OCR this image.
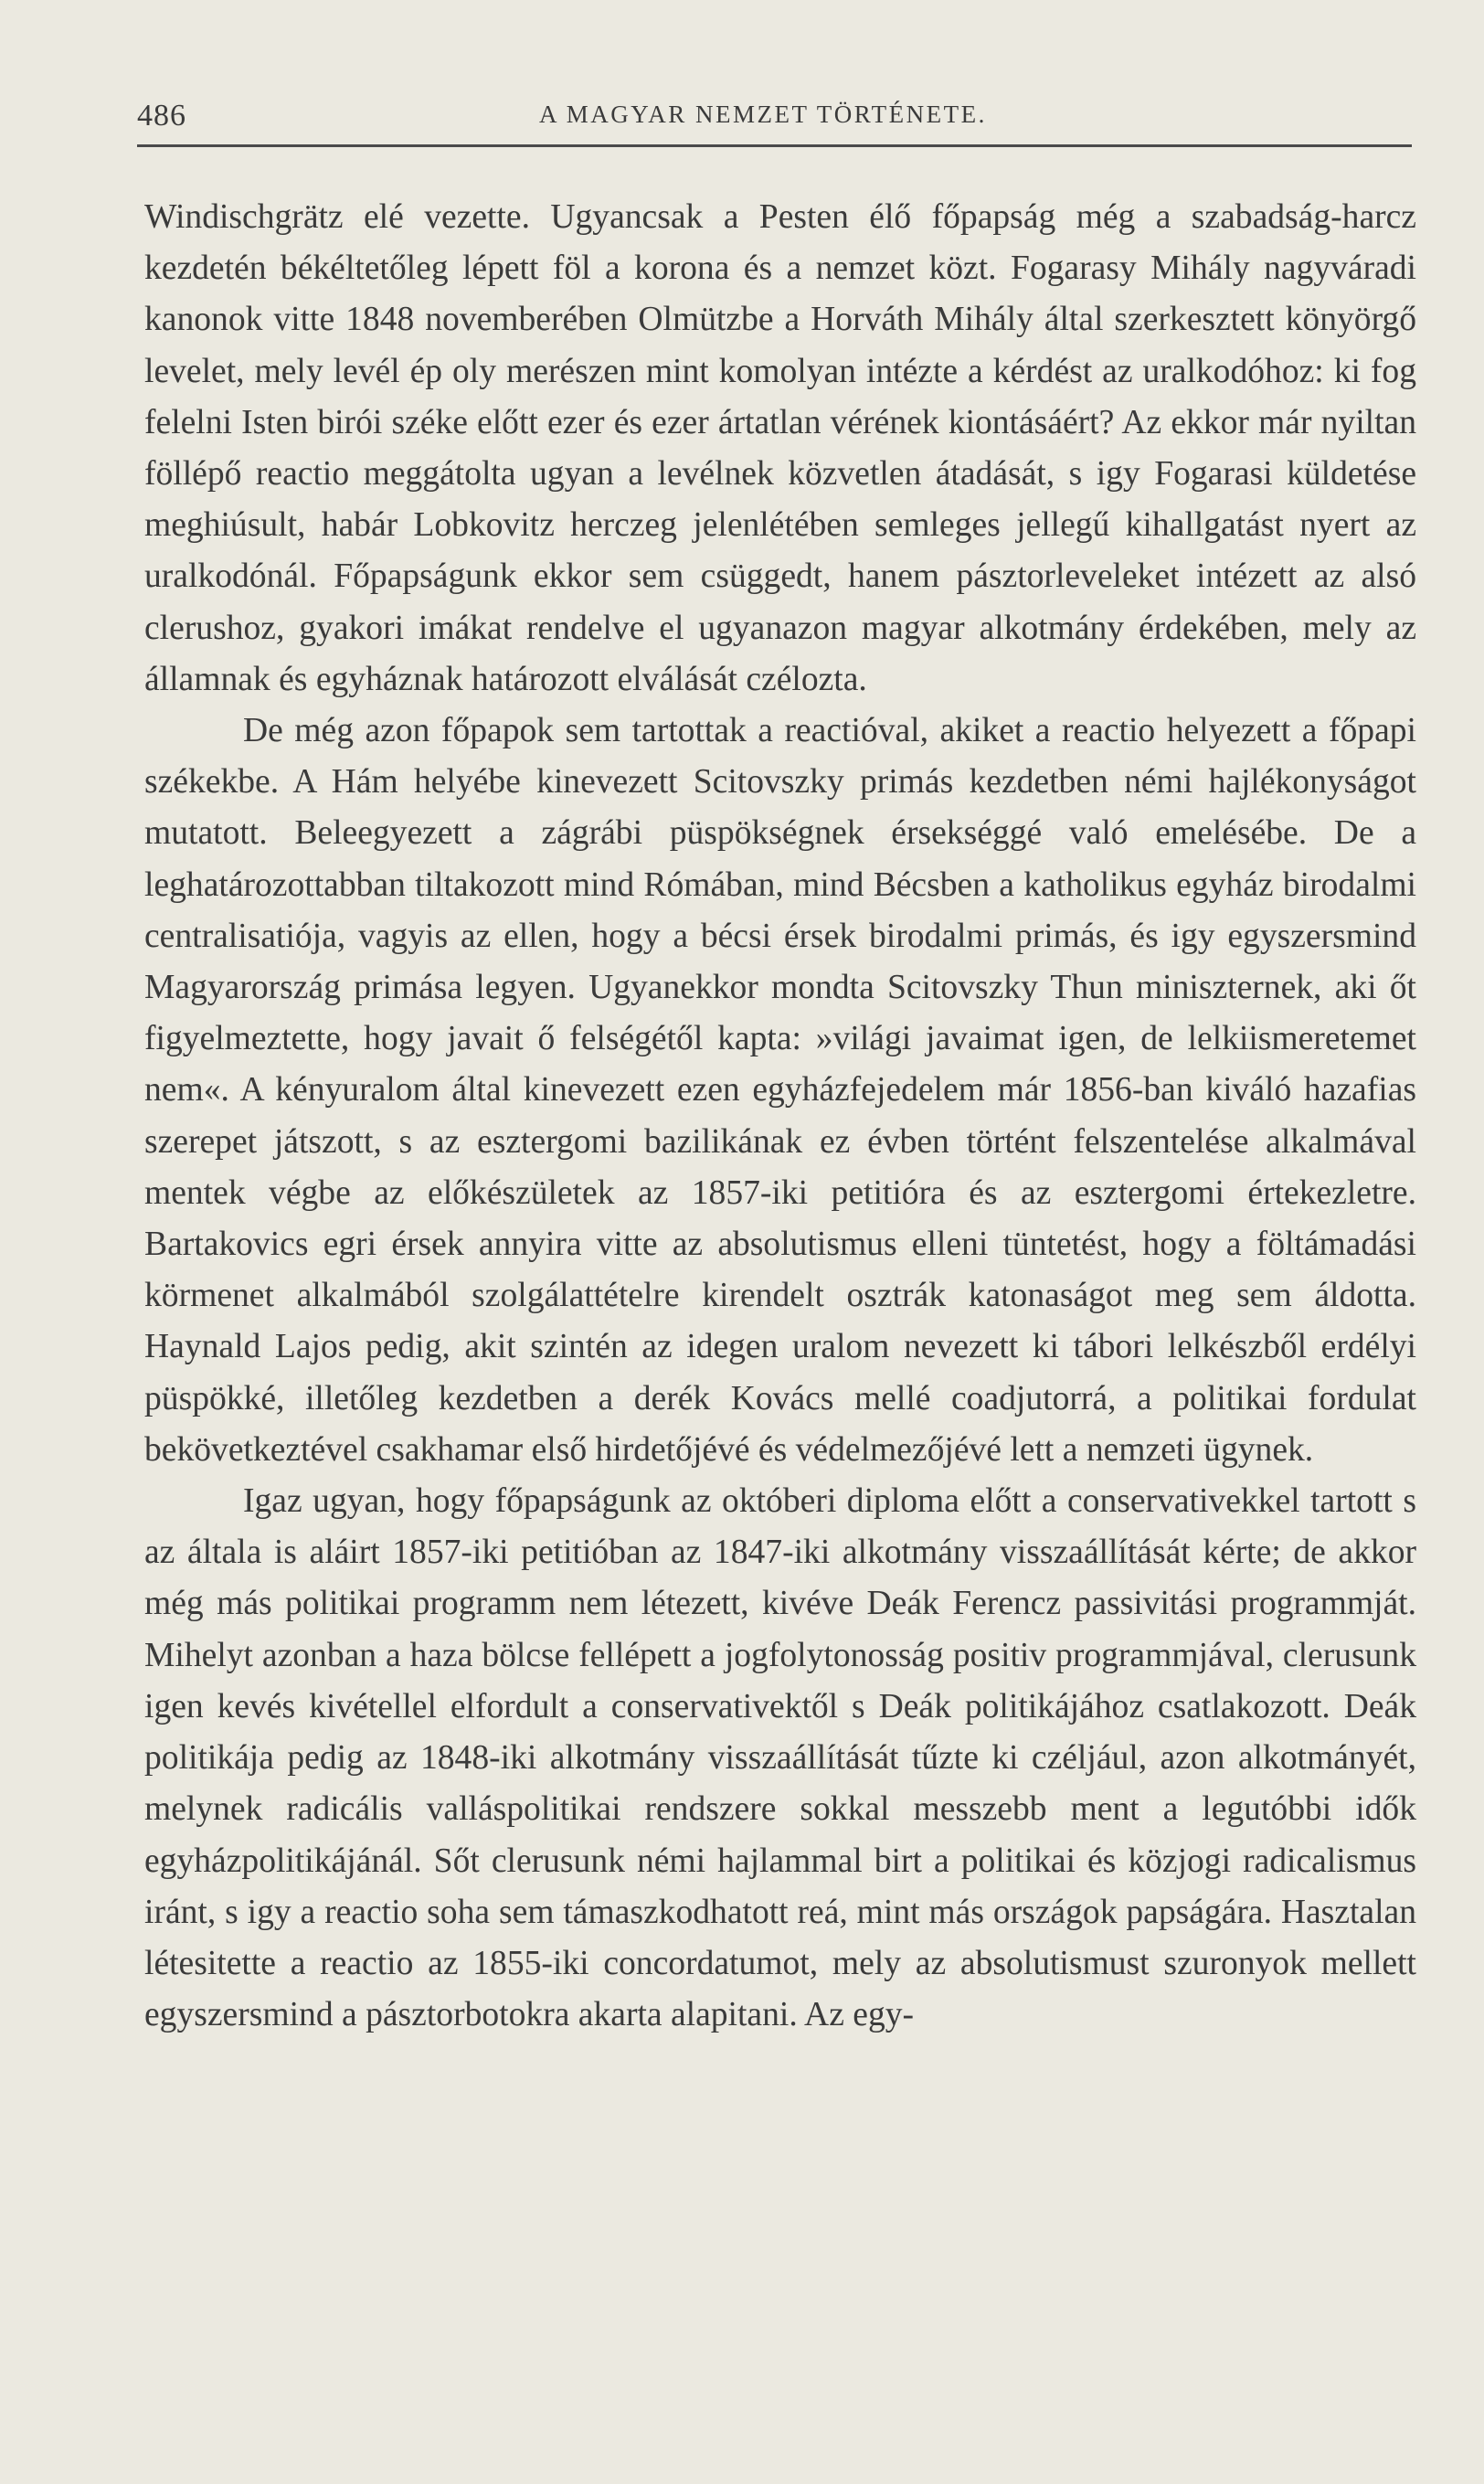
486	A MAGYAR NEMZET TÖRTÉNETE.

Windischgrätz elé vezette. Ugyancsak a Pesten élő főpapság még a szabadság-harcz kezdetén békéltetőleg lépett föl a korona és a nemzet közt. Fogarasy Mihály nagyváradi kanonok vitte 1848 novemberében Olmützbe a Horváth Mihály által szerkesztett könyörgő levelet, mely levél ép oly merészen mint komolyan intézte a kérdést az uralkodóhoz: ki fog felelni Isten birói széke előtt ezer és ezer ártatlan vérének kiontásáért? Az ekkor már nyiltan föllépő reactio meggátolta ugyan a levélnek közvetlen átadását, s igy Fogarasi küldetése meghiúsult, habár Lobkovitz herczeg jelenlétében semleges jellegű kihallgatást nyert az uralkodónál. Főpapságunk ekkor sem csüggedt, hanem pásztorleveleket intézett az alsó clerushoz, gyakori imákat rendelve el ugyanazon magyar alkotmány érdekében, mely az államnak és egyháznak határozott elválását czélozta.

De még azon főpapok sem tartottak a reactióval, akiket a reactio helyezett a főpapi székekbe. A Hám helyébe kinevezett Scitovszky primás kezdetben némi hajlékonyságot mutatott. Beleegyezett a zágrábi püspökségnek érsekséggé való emelésébe. De a leghatározottabban tiltakozott mind Rómában, mind Bécsben a katholikus egyház birodalmi centralisatiója, vagyis az ellen, hogy a bécsi érsek birodalmi primás, és igy egyszersmind Magyarország primása legyen. Ugyanekkor mondta Scitovszky Thun miniszternek, aki őt figyelmeztette, hogy javait ő felségétől kapta: »világi javaimat igen, de lelkiismeretemet nem«. A kényuralom által kinevezett ezen egyházfejedelem már 1856-ban kiváló hazafias szerepet játszott, s az esztergomi bazilikának ez évben történt felszentelése alkalmával mentek végbe az előkészületek az 1857-iki petitióra és az esztergomi értekezletre. Bartakovics egri érsek annyira vitte az absolutismus elleni tüntetést, hogy a föltámadási körmenet alkalmából szolgálattételre kirendelt osztrák katonaságot meg sem áldotta. Haynald Lajos pedig, akit szintén az idegen uralom nevezett ki tábori lelkészből erdélyi püspökké, illetőleg kezdetben a derék Kovács mellé coadjutorrá, a politikai fordulat bekövetkeztével csakhamar első hirdetőjévé és védelmezőjévé lett a nemzeti ügynek.

Igaz ugyan, hogy főpapságunk az októberi diploma előtt a conservativekkel tartott s az általa is aláirt 1857-iki petitióban az 1847-iki alkotmány visszaállítását kérte; de akkor még más politikai programm nem létezett, kivéve Deák Ferencz passivitási programmját. Mihelyt azonban a haza bölcse fellépett a jogfolytonosság positiv programmjával, clerusunk igen kevés kivétellel elfordult a conservativektől s Deák politikájához csatlakozott. Deák politikája pedig az 1848-iki alkotmány visszaállítását tűzte ki czéljául, azon alkotmányét, melynek radicális valláspolitikai rendszere sokkal messzebb ment a legutóbbi idők egyházpolitikájánál. Sőt clerusunk némi hajlammal birt a politikai és közjogi radicalismus iránt, s igy a reactio soha sem támaszkodhatott reá, mint más országok papságára. Hasztalan létesitette a reactio az 1855-iki concordatumot, mely az absolutismust szuronyok mellett egyszersmind a pásztorbotokra akarta alapitani. Az egy-
